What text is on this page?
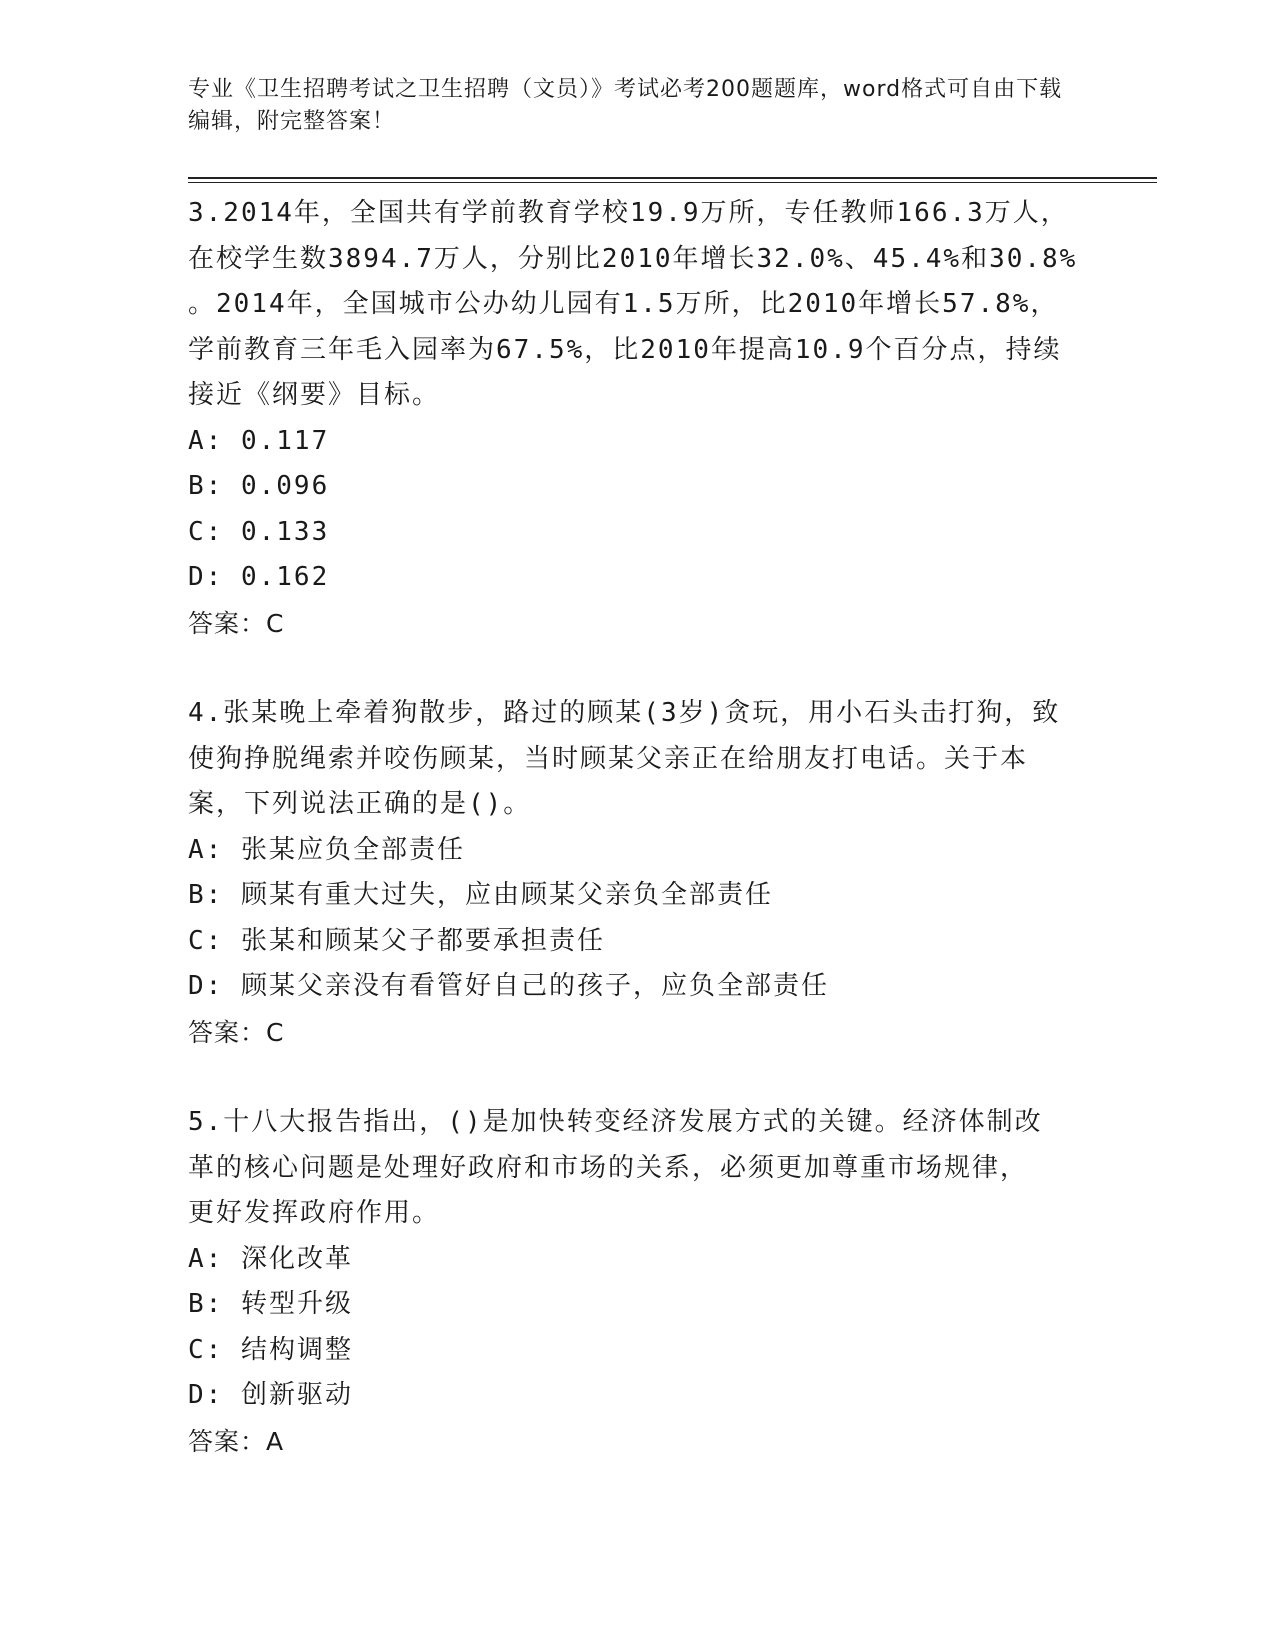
专业《卫生招聘考试之卫生招聘（文员）》考试必考200题题库，word格式可自由下载编辑，附完整答案！

3.2014年，全国共有学前教育学校19.9万所，专任教师166.3万人，
在校学生数3894.7万人，分别比2010年增长32.0%、45.4%和30.8%
。2014年，全国城市公办幼儿园有1.5万所，比2010年增长57.8%，
学前教育三年毛入园率为67.5%，比2010年提高10.9个百分点，持续
接近《纲要》目标。

A: 0.117
B: 0.096
C: 0.133
D: 0.162
答案：C

4.张某晚上牵着狗散步，路过的顾某(3岁)贪玩，用小石头击打狗，致
使狗挣脱绳索并咬伤顾某，当时顾某父亲正在给朋友打电话。关于本
案，下列说法正确的是()。

A: 张某应负全部责任
B: 顾某有重大过失，应由顾某父亲负全部责任
C: 张某和顾某父子都要承担责任
D: 顾某父亲没有看管好自己的孩子，应负全部责任
答案：C

5.十八大报告指出，()是加快转变经济发展方式的关键。经济体制改
革的核心问题是处理好政府和市场的关系，必须更加尊重市场规律，
更好发挥政府作用。

A: 深化改革
B: 转型升级
C: 结构调整
D: 创新驱动
答案：A
